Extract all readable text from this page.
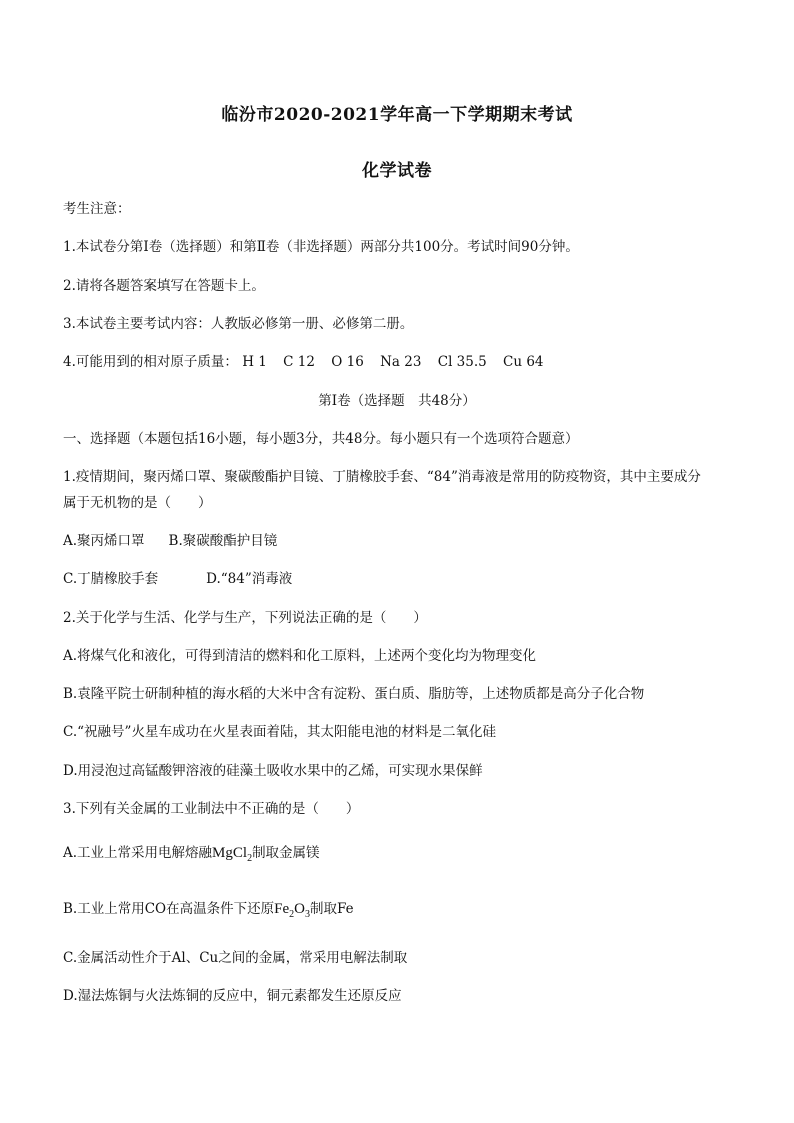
临汾市2020-2021学年高一下学期期末考试
化学试卷
考生注意：
1.本试卷分第Ⅰ卷（选择题）和第Ⅱ卷（非选择题）两部分共100分。考试时间90分钟。
2.请将各题答案填写在答题卡上。
3.本试卷主要考试内容：人教版必修第一册、必修第二册。
4.可能用到的相对原子质量： H 1 C 12 O 16 Na 23 Cl 35.5 Cu 64
第Ⅰ卷（选择题　共48分）
一、选择题（本题包括16小题，每小题3分，共48分。每小题只有一个选项符合题意）
1.疫情期间，聚丙烯口罩、聚碳酸酯护目镜、丁腈橡胶手套、“84”消毒液是常用的防疫物资，其中主要成分
属于无机物的是（　　）
A.聚丙烯口罩 B.聚碳酸酯护目镜
C.丁腈橡胶手套	D.“84”消毒液
2.关于化学与生活、化学与生产，下列说法正确的是（　　）
A.将煤气化和液化，可得到清洁的燃料和化工原料，上述两个变化均为物理变化
B.袁隆平院士研制种植的海水稻的大米中含有淀粉、蛋白质、脂肪等，上述物质都是高分子化合物
C.“祝融号”火星车成功在火星表面着陆，其太阳能电池的材料是二氧化硅
D.用浸泡过高锰酸钾溶液的硅藻土吸收水果中的乙烯，可实现水果保鲜
3.下列有关金属的工业制法中不正确的是（　　）
A.工业上常采用电解熔融MgCl$_2$制取金属镁
B.工业上常用CO在高温条件下还原$Fe_2O_3$制取Fe
C.金属活动性介于Al、Cu之间的金属，常采用电解法制取
D.湿法炼铜与火法炼铜的反应中，铜元素都发生还原反应
